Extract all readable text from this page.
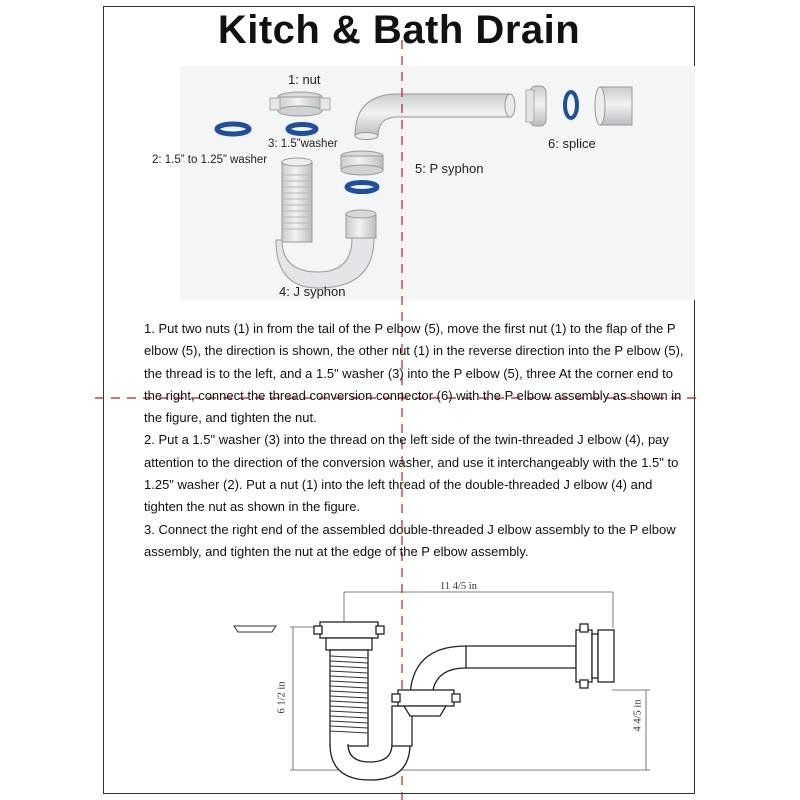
Kitch & Bath Drain
1: nut
2: 1.5” to 1.25” washer
3: 1.5”washer
4: J syphon
5: P syphon
6: splice

1. Put two nuts (1) in from the tail of the P elbow (5), move the first nut (1) to the flap of the P elbow (5), the direction is shown, the other nut (1) in the reverse direction into the P elbow (5), the thread is to the left, and a 1.5" washer (3) into the P elbow (5), three At the corner end to the right, connect the thread conversion connector (6) with the P elbow assembly as shown in the figure, and tighten the nut.

2. Put a 1.5" washer (3) into the thread on the left side of the twin-threaded J elbow (4), pay attention to the direction of the conversion washer, and use it interchangeably with the 1.5" to 1.25" washer (2). Put a nut (1) into the left thread of the double-threaded J elbow (4) and tighten the nut as shown in the figure.

3. Connect the right end of the assembled double-threaded J elbow assembly to the P elbow assembly, and tighten the nut at the edge of the P elbow assembly.

11 4/5 in
6 1/2 in
4 4/5 in
